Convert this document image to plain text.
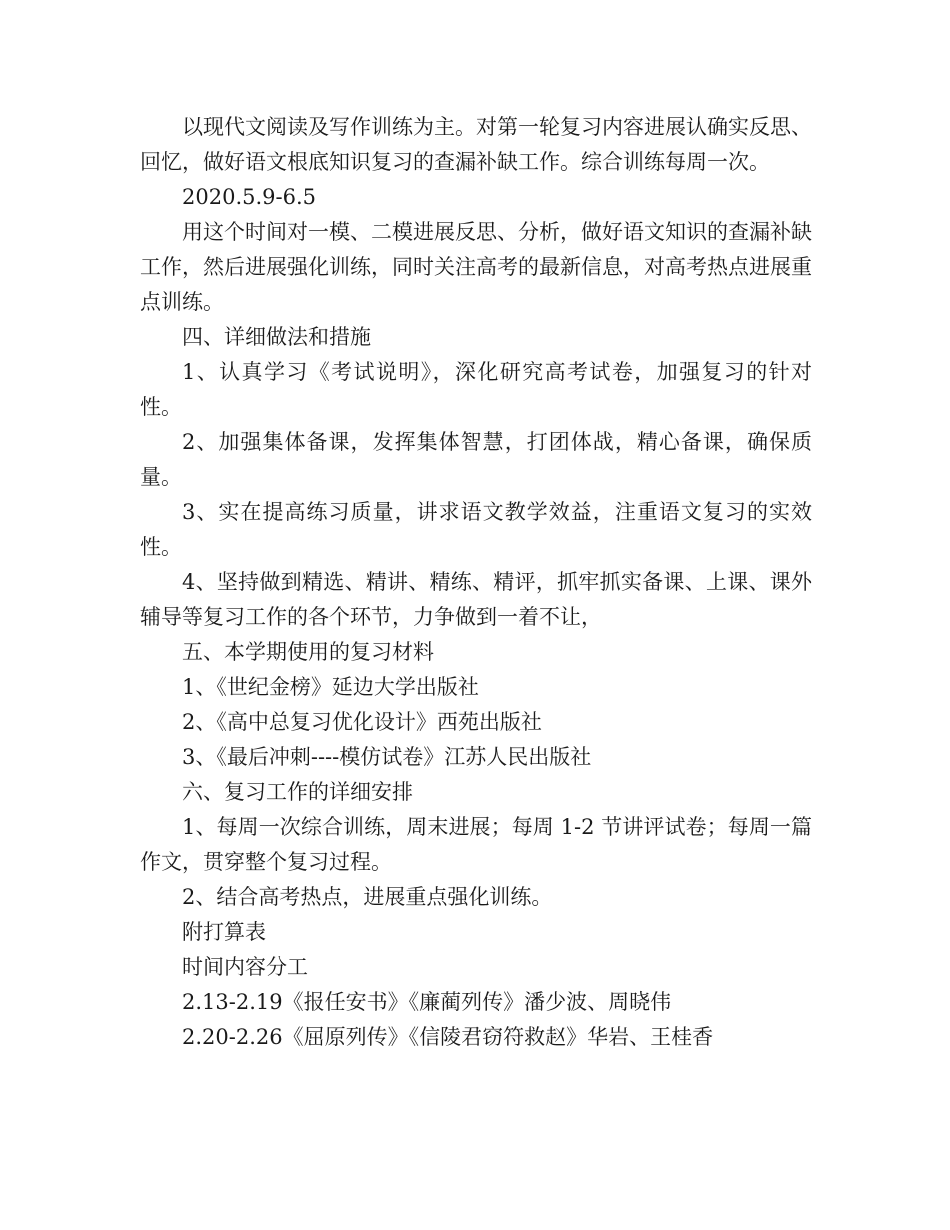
以现代文阅读及写作训练为主。对第一轮复习内容进展认确实反思、回忆，做好语文根底知识复习的查漏补缺工作。综合训练每周一次。

2020.5.9-6.5

用这个时间对一模、二模进展反思、分析，做好语文知识的查漏补缺工作，然后进展强化训练，同时关注高考的最新信息，对高考热点进展重点训练。

四、详细做法和措施

1、认真学习《考试说明》，深化研究高考试卷，加强复习的针对性。

2、加强集体备课，发挥集体智慧，打团体战，精心备课，确保质量。

3、实在提高练习质量，讲求语文教学效益，注重语文复习的实效性。

4、坚持做到精选、精讲、精练、精评，抓牢抓实备课、上课、课外辅导等复习工作的各个环节，力争做到一着不让，

五、本学期使用的复习材料

1、《世纪金榜》延边大学出版社

2、《高中总复习优化设计》西苑出版社

3、《最后冲刺----模仿试卷》江苏人民出版社

六、复习工作的详细安排

1、每周一次综合训练，周末进展；每周 1-2 节讲评试卷；每周一篇作文，贯穿整个复习过程。

2、结合高考热点，进展重点强化训练。

附打算表

时间内容分工

2.13-2.19《报任安书》《廉蔺列传》潘少波、周晓伟

2.20-2.26《屈原列传》《信陵君窃符救赵》华岩、王桂香
